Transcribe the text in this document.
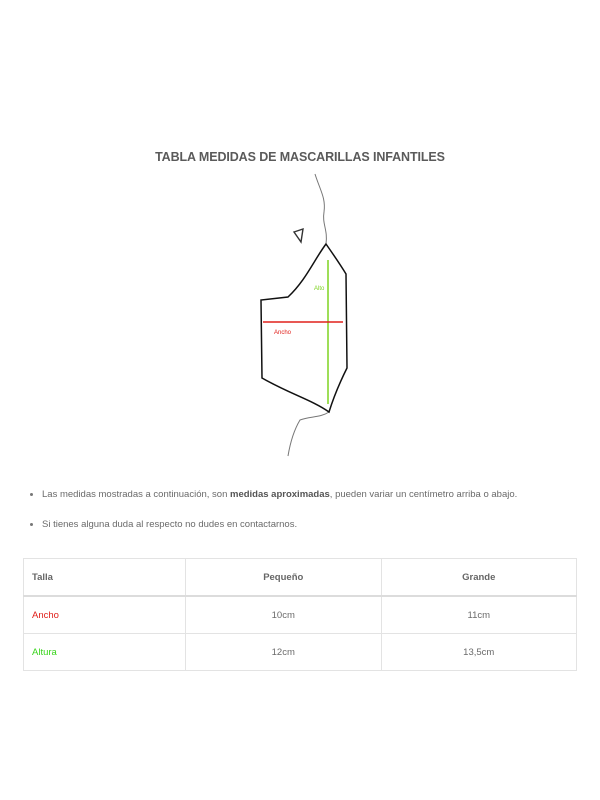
TABLA MEDIDAS DE MASCARILLAS INFANTILES
Alto
Ancho
Las medidas mostradas a continuación, son medidas aproximadas, pueden variar un centímetro arriba o abajo.
Si tienes alguna duda al respecto no dudes en contactarnos.
Talla	Pequeño	Grande
Ancho	10cm	11cm
Altura	12cm	13,5cm
